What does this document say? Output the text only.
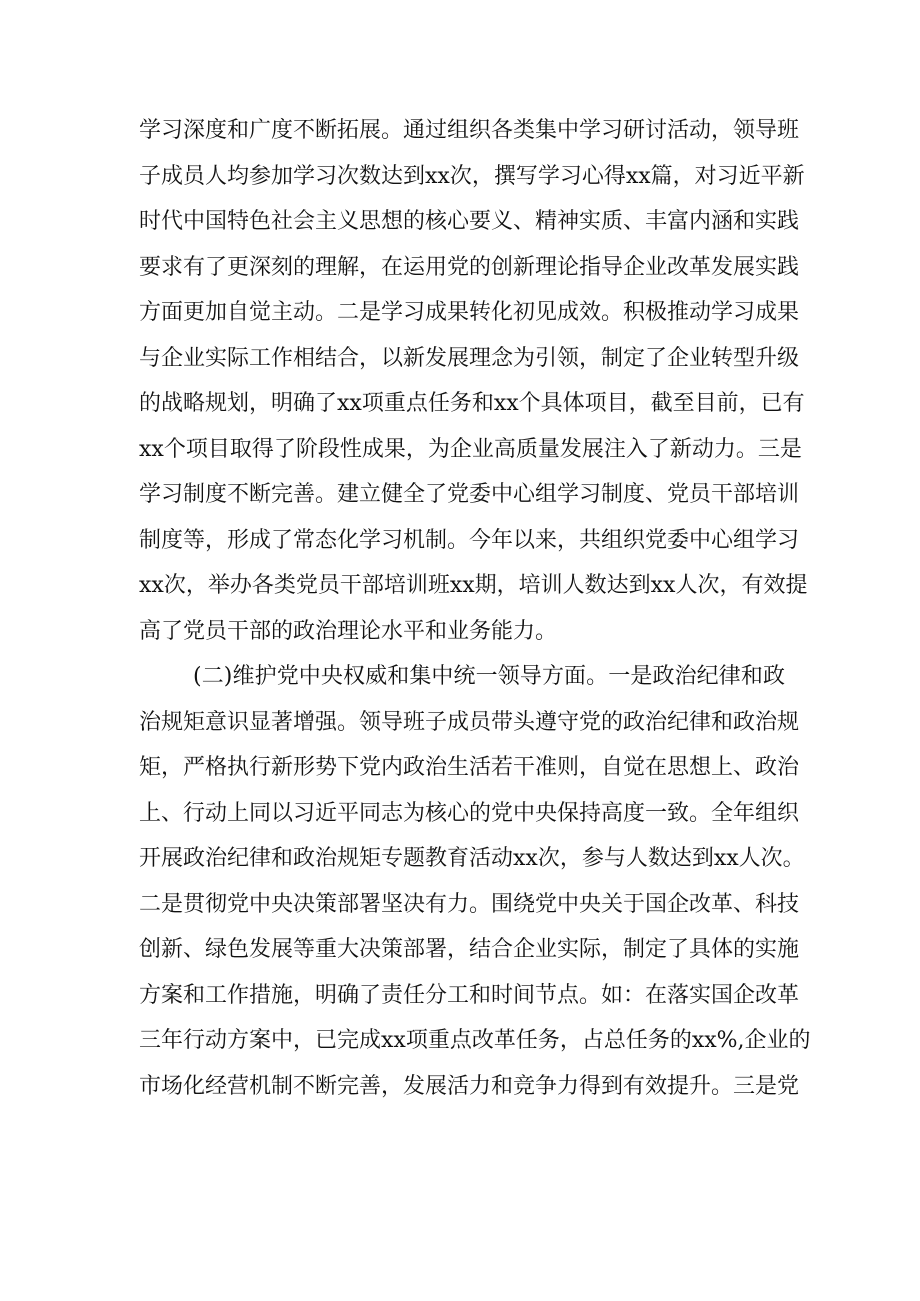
学习深度和广度不断拓展。通过组织各类集中学习研讨活动，领导班
子成员人均参加学习次数达到xx次，撰写学习心得xx篇，对习近平新
时代中国特色社会主义思想的核心要义、精神实质、丰富内涵和实践
要求有了更深刻的理解，在运用党的创新理论指导企业改革发展实践
方面更加自觉主动。二是学习成果转化初见成效。积极推动学习成果
与企业实际工作相结合，以新发展理念为引领，制定了企业转型升级
的战略规划，明确了xx项重点任务和xx个具体项目，截至目前，已有
xx个项目取得了阶段性成果，为企业高质量发展注入了新动力。三是
学习制度不断完善。建立健全了党委中心组学习制度、党员干部培训
制度等，形成了常态化学习机制。今年以来，共组织党委中心组学习
xx次，举办各类党员干部培训班xx期，培训人数达到xx人次，有效提
高了党员干部的政治理论水平和业务能力。
(二)维护党中央权威和集中统一领导方面。一是政治纪律和政
治规矩意识显著增强。领导班子成员带头遵守党的政治纪律和政治规
矩，严格执行新形势下党内政治生活若干准则，自觉在思想上、政治
上、行动上同以习近平同志为核心的党中央保持高度一致。全年组织
开展政治纪律和政治规矩专题教育活动xx次，参与人数达到xx人次。
二是贯彻党中央决策部署坚决有力。围绕党中央关于国企改革、科技
创新、绿色发展等重大决策部署，结合企业实际，制定了具体的实施
方案和工作措施，明确了责任分工和时间节点。如：在落实国企改革
三年行动方案中，已完成xx项重点改革任务，占总任务的xx%,企业的
市场化经营机制不断完善，发展活力和竞争力得到有效提升。三是党
